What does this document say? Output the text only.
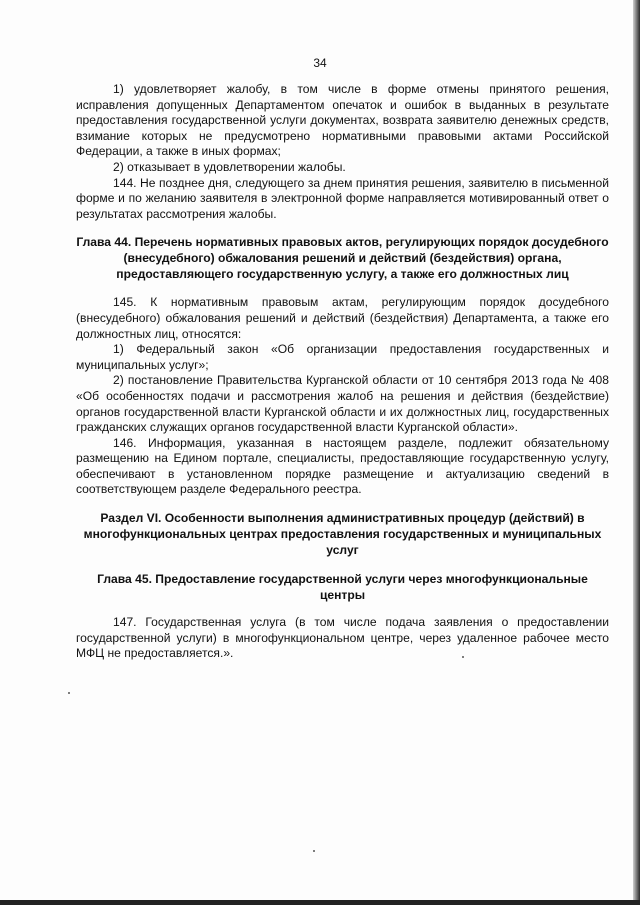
34

1) удовлетворяет жалобу, в том числе в форме отмены принятого решения, исправления допущенных Департаментом опечаток и ошибок в выданных в результате предоставления государственной услуги документах, возврата заявителю денежных средств, взимание которых не предусмотрено нормативными правовыми актами Российской Федерации, а также в иных формах;

2) отказывает в удовлетворении жалобы.

144. Не позднее дня, следующего за днем принятия решения, заявителю в письменной форме и по желанию заявителя в электронной форме направляется мотивированный ответ о результатах рассмотрения жалобы.

Глава 44. Перечень нормативных правовых актов, регулирующих порядок досудебного (внесудебного) обжалования решений и действий (бездействия) органа, предоставляющего государственную услугу, а также его должностных лиц

145. К нормативным правовым актам, регулирующим порядок досудебного (внесудебного) обжалования решений и действий (бездействия) Департамента, а также его должностных лиц, относятся:

1) Федеральный закон «Об организации предоставления государственных и муниципальных услуг»;

2) постановление Правительства Курганской области от 10 сентября 2013 года № 408 «Об особенностях подачи и рассмотрения жалоб на решения и действия (бездействие) органов государственной власти Курганской области и их должностных лиц, государственных гражданских служащих органов государственной власти Курганской области».

146. Информация, указанная в настоящем разделе, подлежит обязательному размещению на Едином портале, специалисты, предоставляющие государственную услугу, обеспечивают в установленном порядке размещение и актуализацию сведений в соответствующем разделе Федерального реестра.

Раздел VI. Особенности выполнения административных процедур (действий) в многофункциональных центрах предоставления государственных и муниципальных услуг

Глава 45. Предоставление государственной услуги через многофункциональные центры

147. Государственная услуга (в том числе подача заявления о предоставлении государственной услуги) в многофункциональном центре, через удаленное рабочее место МФЦ не предоставляется.».
